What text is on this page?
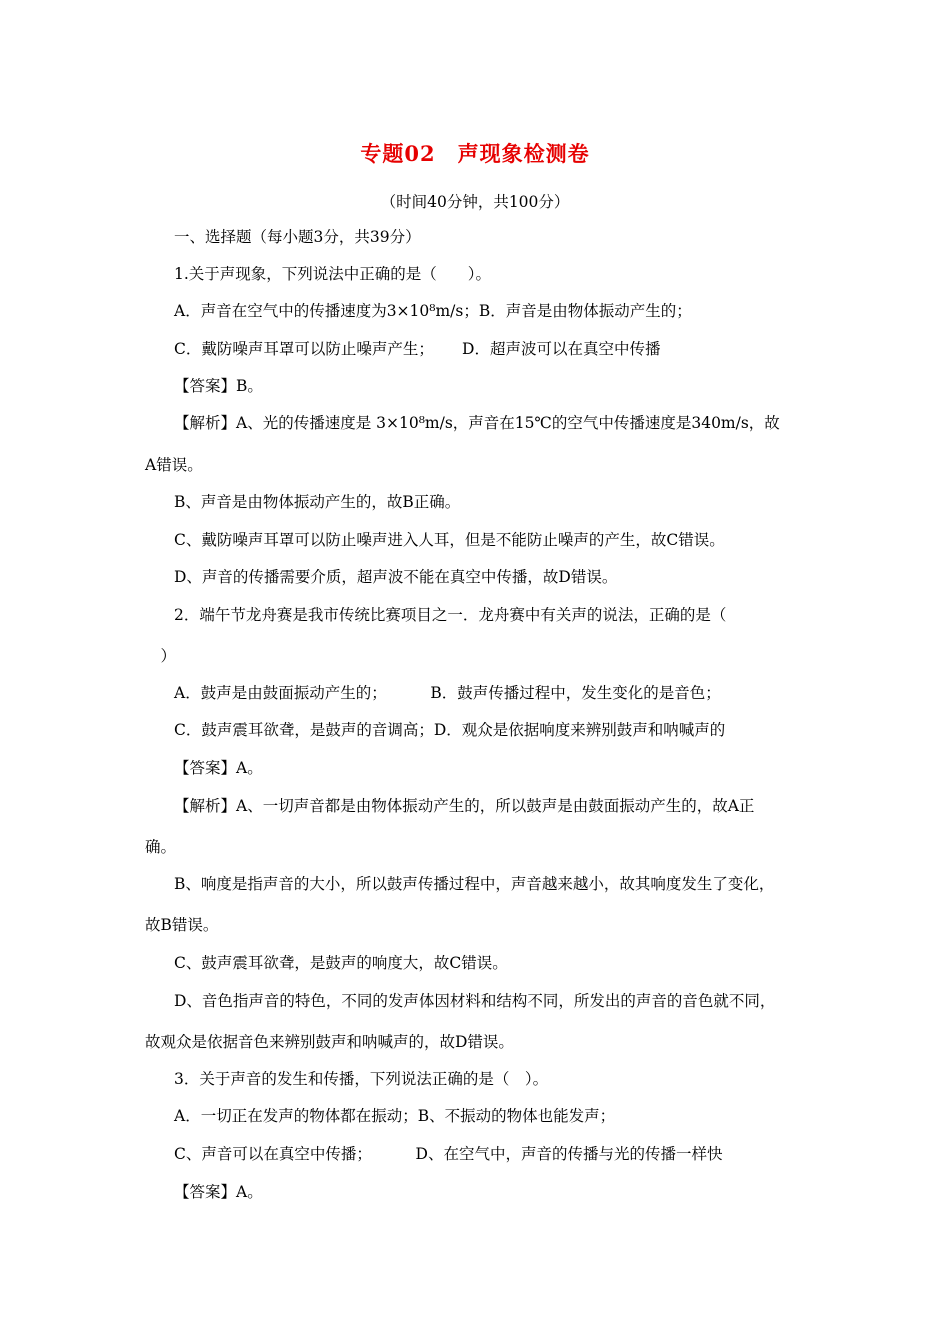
专题02　声现象检测卷
（时间40分钟，共100分）
一、选择题（每小题3分，共39分）
1.关于声现象，下列说法中正确的是（　　）。
A．声音在空气中的传播速度为3×10⁸m/s；B．声音是由物体振动产生的；
C．戴防噪声耳罩可以防止噪声产生；　　 D．超声波可以在真空中传播
【答案】B。
【解析】A、光的传播速度是 3×10⁸m/s，声音在15℃的空气中传播速度是340m/s，故
A错误。
B、声音是由物体振动产生的，故B正确。
C、戴防噪声耳罩可以防止噪声进入人耳，但是不能防止噪声的产生，故C错误。
D、声音的传播需要介质，超声波不能在真空中传播，故D错误。
2．端午节龙舟赛是我市传统比赛项目之一．龙舟赛中有关声的说法，正确的是（
　）
A．鼓声是由鼓面振动产生的；　　　 B．鼓声传播过程中，发生变化的是音色；
C．鼓声震耳欲聋，是鼓声的音调高；D．观众是依据响度来辨别鼓声和呐喊声的
【答案】A。
【解析】A、一切声音都是由物体振动产生的，所以鼓声是由鼓面振动产生的，故A正
确。
B、响度是指声音的大小，所以鼓声传播过程中，声音越来越小，故其响度发生了变化，
故B错误。
C、鼓声震耳欲聋，是鼓声的响度大，故C错误。
D、音色指声音的特色，不同的发声体因材料和结构不同，所发出的声音的音色就不同，
故观众是依据音色来辨别鼓声和呐喊声的，故D错误。
3．关于声音的发生和传播，下列说法正确的是（　）。
A．一切正在发声的物体都在振动；B、不振动的物体也能发声；
C、声音可以在真空中传播；　　　 D、在空气中，声音的传播与光的传播一样快
【答案】A。
